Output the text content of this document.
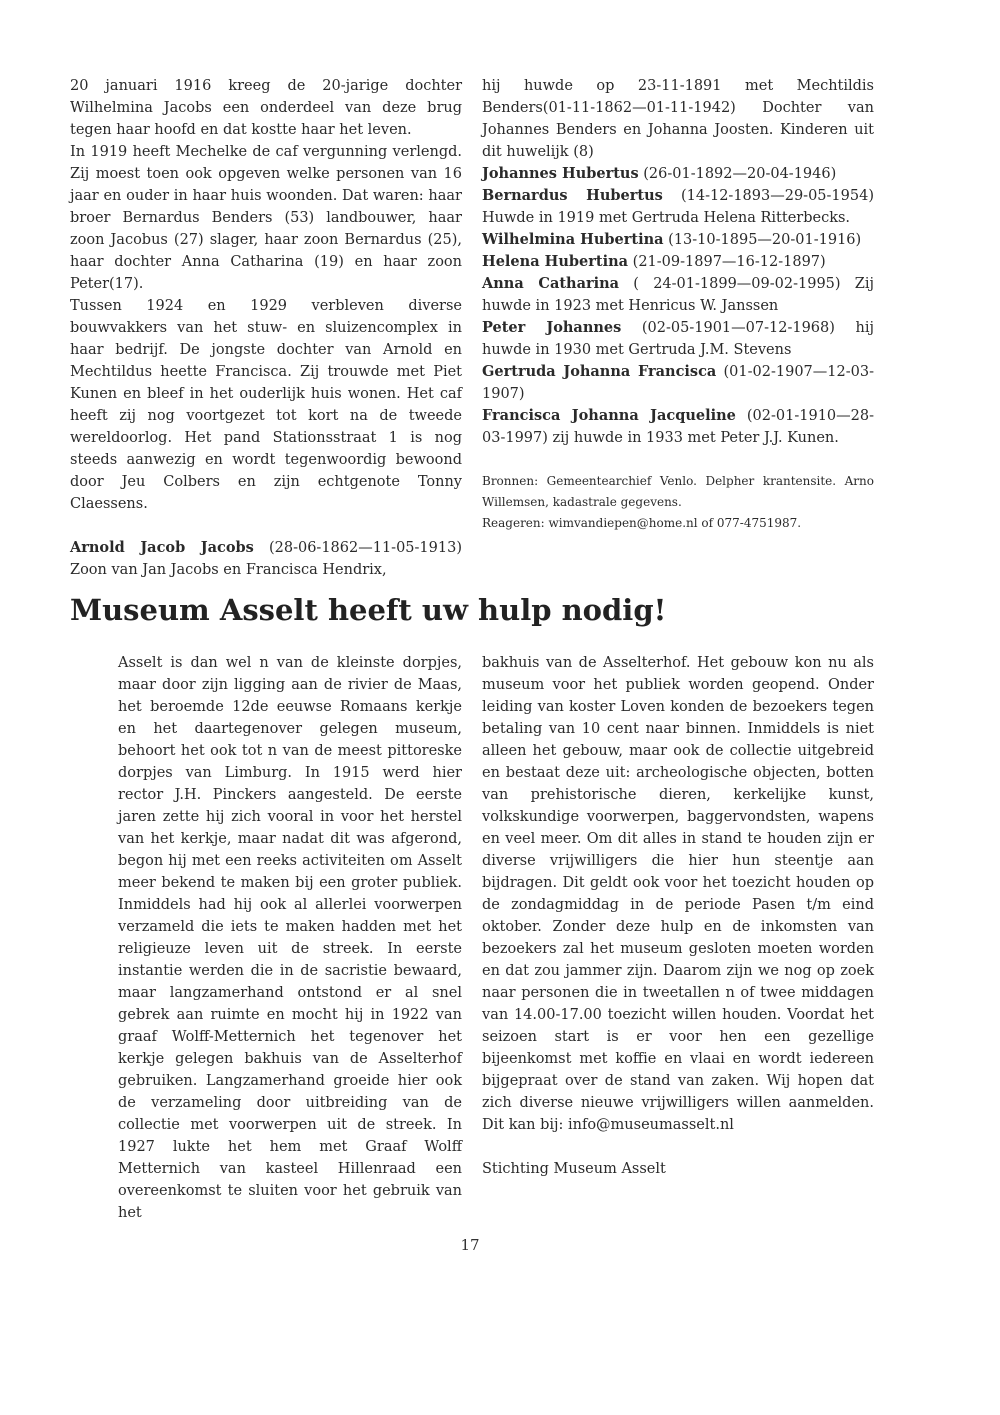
20 januari 1916 kreeg de 20-jarige dochter Wilhelmina Jacobs een onderdeel van deze brug tegen haar hoofd en dat kostte haar het leven.

In 1919 heeft Mechelke de caf vergunning verlengd. Zij moest toen ook opgeven welke personen van 16 jaar en ouder in haar huis woonden. Dat waren: haar broer Bernardus Benders (53) landbouwer, haar zoon Jacobus (27) slager, haar zoon Bernardus (25), haar dochter Anna Catharina (19) en haar zoon Peter(17).

Tussen 1924 en 1929 verbleven diverse bouwvakkers van het stuw- en sluizencomplex in haar bedrijf. De jongste dochter van Arnold en Mechtildus heette Francisca. Zij trouwde met Piet Kunen en bleef in het ouderlijk huis wonen. Het caf heeft zij nog voortgezet tot kort na de tweede wereldoorlog. Het pand Stationsstraat 1 is nog steeds aanwezig en wordt tegenwoordig bewoond door Jeu Colbers en zijn echtgenote Tonny Claessens.

Arnold Jacob Jacobs (28-06-1862—11-05-1913) Zoon van Jan Jacobs en Francisca Hendrix,

hij huwde op 23-11-1891 met Mechtildis Benders(01-11-1862—01-11-1942) Dochter van Johannes Benders en Johanna Joosten. Kinderen uit dit huwelijk (8)

Johannes Hubertus (26-01-1892—20-04-1946)

Bernardus Hubertus (14-12-1893—29-05-1954) Huwde in 1919 met Gertruda Helena Ritterbecks.

Wilhelmina Hubertina (13-10-1895—20-01-1916)

Helena Hubertina (21-09-1897—16-12-1897)

Anna Catharina ( 24-01-1899—09-02-1995) Zij huwde in 1923 met Henricus W. Janssen

Peter Johannes (02-05-1901—07-12-1968) hij huwde in 1930 met Gertruda J.M. Stevens

Gertruda Johanna Francisca (01-02-1907—12-03-1907)

Francisca Johanna Jacqueline (02-01-1910—28-03-1997) zij huwde in 1933 met Peter J.J. Kunen.

Bronnen: Gemeentearchief Venlo. Delpher krantensite. Arno Willemsen, kadastrale gegevens.

Reageren: wimvandiepen@home.nl of 077-4751987.

Museum Asselt heeft uw hulp nodig!

Asselt is dan wel n van de kleinste dorpjes, maar door zijn ligging aan de rivier de Maas, het beroemde 12de eeuwse Romaans kerkje en het daartegenover gelegen museum, behoort het ook tot n van de meest pittoreske dorpjes van Limburg. In 1915 werd hier rector J.H. Pinckers aangesteld. De eerste jaren zette hij zich vooral in voor het herstel van het kerkje, maar nadat dit was afgerond, begon hij met een reeks activiteiten om Asselt meer bekend te maken bij een groter publiek. Inmiddels had hij ook al allerlei voorwerpen verzameld die iets te maken hadden met het religieuze leven uit de streek. In eerste instantie werden die in de sacristie bewaard, maar langzamerhand ontstond er al snel gebrek aan ruimte en mocht hij in 1922 van graaf Wolff-Metternich het tegenover het kerkje gelegen bakhuis van de Asselterhof gebruiken. Langzamerhand groeide hier ook de verzameling door uitbreiding van de collectie met voorwerpen uit de streek. In 1927 lukte het hem met Graaf Wolff Metternich van kasteel Hillenraad een overeenkomst te sluiten voor het gebruik van het

bakhuis van de Asselterhof. Het gebouw kon nu als museum voor het publiek worden geopend. Onder leiding van koster Loven konden de bezoekers tegen betaling van 10 cent naar binnen. Inmiddels is niet alleen het gebouw, maar ook de collectie uitgebreid en bestaat deze uit: archeologische objecten, botten van prehistorische dieren, kerkelijke kunst, volkskundige voorwerpen, baggervondsten, wapens en veel meer. Om dit alles in stand te houden zijn er diverse vrijwilligers die hier hun steentje aan bijdragen. Dit geldt ook voor het toezicht houden op de zondagmiddag in de periode Pasen t/m eind oktober. Zonder deze hulp en de inkomsten van bezoekers zal het museum gesloten moeten worden en dat zou jammer zijn. Daarom zijn we nog op zoek naar personen die in tweetallen n of twee middagen van 14.00-17.00 toezicht willen houden. Voordat het seizoen start is er voor hen een gezellige bijeenkomst met koffie en vlaai en wordt iedereen bijgepraat over de stand van zaken. Wij hopen dat zich diverse nieuwe vrijwilligers willen aanmelden. Dit kan bij: info@museumasselt.nl

Stichting Museum Asselt

17
